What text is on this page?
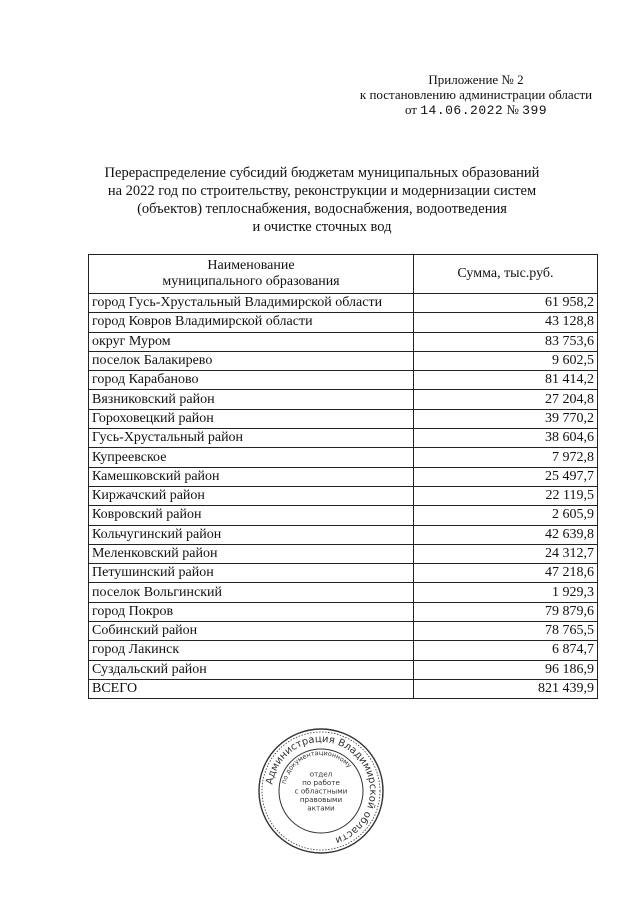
Приложение № 2
к постановлению администрации области
от 14.06.2022 № 399
Перераспределение субсидий бюджетам муниципальных образований
на 2022 год по строительству, реконструкции и модернизации систем
(объектов) теплоснабжения, водоснабжения, водоотведения
и очистке сточных вод
Наименование
муниципального образования	Сумма, тыс.руб.
город Гусь-Хрустальный Владимирской области	61 958,2
город Ковров Владимирской области	43 128,8
округ Муром	83 753,6
поселок Балакирево	9 602,5
город Карабаново	81 414,2
Вязниковский район	27 204,8
Гороховецкий район	39 770,2
Гусь-Хрустальный район	38 604,6
Купреевское	7 972,8
Камешковский район	25 497,7
Киржачский район	22 119,5
Ковровский район	2 605,9
Кольчугинский район	42 639,8
Меленковский район	24 312,7
Петушинский район	47 218,6
поселок Вольгинский	1 929,3
город Покров	79 879,6
Собинский район	78 765,5
город Лакинск	6 874,7
Суздальский район	96 186,9
ВСЕГО	821 439,9
Администрация Владимирской области
по документационному
отдел
по работе
с областными
правовыми
актами
